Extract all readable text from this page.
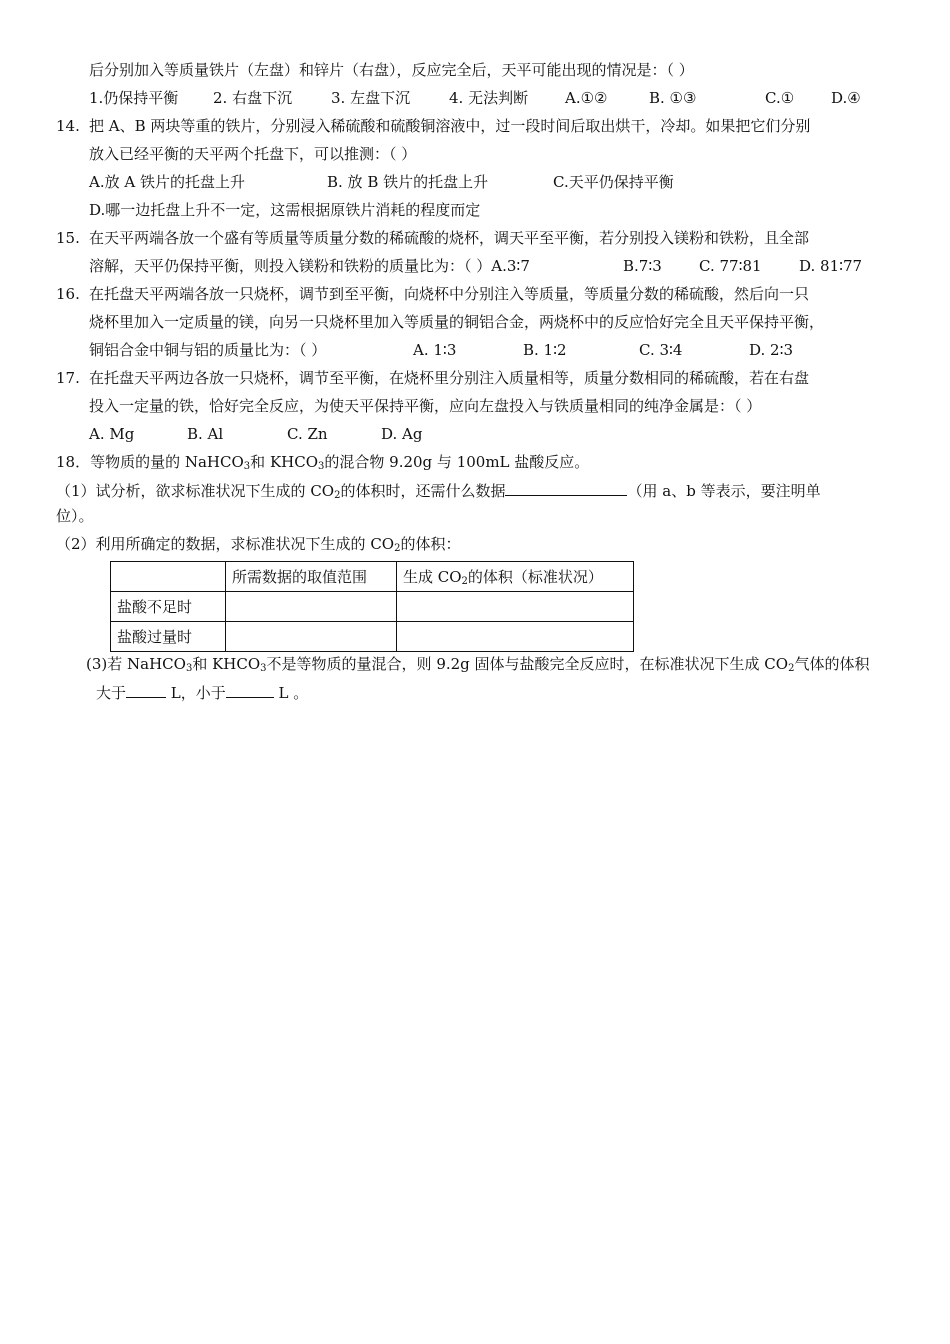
后分别加入等质量铁片（左盘）和锌片（右盘），反应完全后，天平可能出现的情况是：（ ）
1.仍保持平衡 2. 右盘下沉	3. 左盘下沉	4. 无法判断 A.①②	B. ①③	C.① D.④
14. 把 A、B 两块等重的铁片，分别浸入稀硫酸和硫酸铜溶液中，过一段时间后取出烘干，冷却。如果把它们分别
放入已经平衡的天平两个托盘下，可以推测：（ ）
A.放 A 铁片的托盘上升	B. 放 B 铁片的托盘上升	C.天平仍保持平衡
D.哪一边托盘上升不一定，这需根据原铁片消耗的程度而定
15. 在天平两端各放一个盛有等质量等质量分数的稀硫酸的烧杯，调天平至平衡，若分别投入镁粉和铁粉，且全部
溶解，天平仍保持平衡，则投入镁粉和铁粉的质量比为：（ ）A.3∶7	B.7∶3 C. 77∶81 D. 81∶77
16. 在托盘天平两端各放一只烧杯，调节到至平衡，向烧杯中分别注入等质量，等质量分数的稀硫酸，然后向一只
烧杯里加入一定质量的镁，向另一只烧杯里加入等质量的铜铝合金，两烧杯中的反应恰好完全且天平保持平衡，
铜铝合金中铜与铝的质量比为：（ ）	A. 1∶3	B. 1∶2	C. 3∶4	D. 2∶3
17. 在托盘天平两边各放一只烧杯，调节至平衡，在烧杯里分别注入质量相等，质量分数相同的稀硫酸，若在右盘
投入一定量的铁，恰好完全反应，为使天平保持平衡，应向左盘投入与铁质量相同的纯净金属是：（ ）
A. Mg	B. Al	C. Zn	D. Ag
18．等物质的量的 NaHCO$_3$和 $KHCO_3$的混合物 9.20g 与 100mL 盐酸反应。
（1）试分析，欲求标准状况下生成的 $CO_2$的体积时，还需什么数据	（用 a、b 等表示，要注明单
位）。
（2）利用所确定的数据，求标准状况下生成的 $CO_2$的体积：
	所需数据的取值范围	生成 $CO_2$的体积（标准状况）
盐酸不足时		
盐酸过量时		
(3)若 NaHCO$_3$和 $KHCO_3$不是等物质的量混合，则 9.2g 固体与盐酸完全反应时，在标准状况下生成 $CO_2$气体的体积
大于	L，小于	L 。
